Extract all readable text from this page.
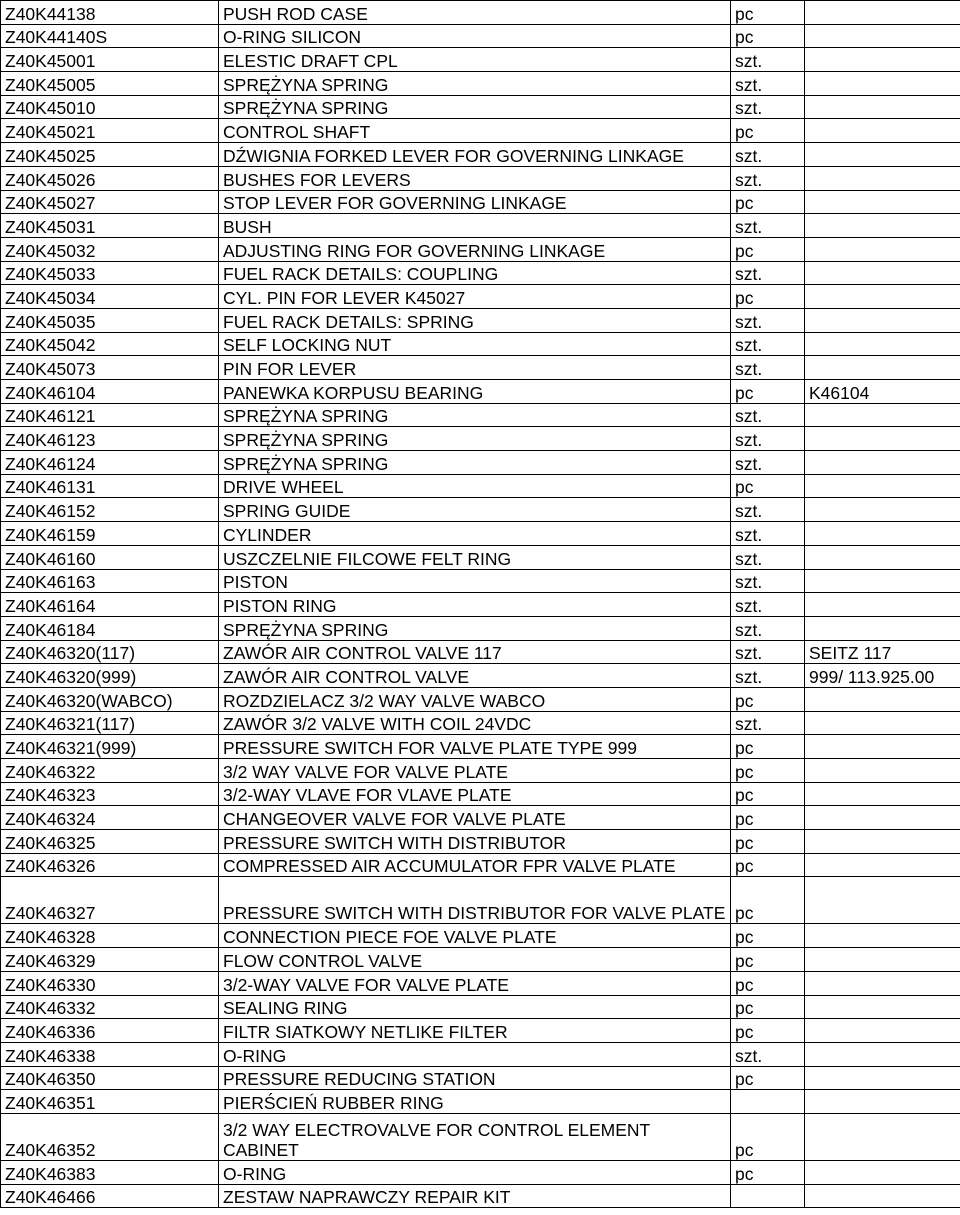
Z40K44138	PUSH ROD CASE	pc	
Z40K44140S	O-RING SILICON	pc	
Z40K45001	ELESTIC DRAFT CPL	szt.	
Z40K45005	SPRĘŻYNA SPRING	szt.	
Z40K45010	SPRĘŻYNA SPRING	szt.	
Z40K45021	CONTROL SHAFT	pc	
Z40K45025	DŹWIGNIA FORKED LEVER FOR GOVERNING LINKAGE	szt.	
Z40K45026	BUSHES FOR LEVERS	szt.	
Z40K45027	STOP LEVER FOR GOVERNING LINKAGE	pc	
Z40K45031	BUSH	szt.	
Z40K45032	ADJUSTING RING FOR GOVERNING LINKAGE	pc	
Z40K45033	FUEL RACK DETAILS: COUPLING	szt.	
Z40K45034	CYL. PIN FOR LEVER K45027	pc	
Z40K45035	FUEL RACK DETAILS: SPRING	szt.	
Z40K45042	SELF LOCKING NUT	szt.	
Z40K45073	PIN FOR LEVER	szt.	
Z40K46104	PANEWKA KORPUSU BEARING	pc	K46104
Z40K46121	SPRĘŻYNA SPRING	szt.	
Z40K46123	SPRĘŻYNA SPRING	szt.	
Z40K46124	SPRĘŻYNA SPRING	szt.	
Z40K46131	DRIVE WHEEL	pc	
Z40K46152	SPRING GUIDE	szt.	
Z40K46159	CYLINDER	szt.	
Z40K46160	USZCZELNIE FILCOWE FELT RING	szt.	
Z40K46163	PISTON	szt.	
Z40K46164	PISTON RING	szt.	
Z40K46184	SPRĘŻYNA SPRING	szt.	
Z40K46320(117)	ZAWÓR AIR CONTROL VALVE 117	szt.	SEITZ 117
Z40K46320(999)	ZAWÓR AIR CONTROL VALVE	szt.	999/ 113.925.00
Z40K46320(WABCO)	ROZDZIELACZ 3/2 WAY VALVE WABCO	pc	
Z40K46321(117)	ZAWÓR 3/2 VALVE WITH COIL 24VDC	szt.	
Z40K46321(999)	PRESSURE SWITCH FOR VALVE PLATE TYPE 999	pc	
Z40K46322	3/2 WAY VALVE FOR VALVE PLATE	pc	
Z40K46323	3/2-WAY VLAVE FOR VLAVE PLATE	pc	
Z40K46324	CHANGEOVER VALVE FOR VALVE PLATE	pc	
Z40K46325	PRESSURE SWITCH WITH DISTRIBUTOR	pc	
Z40K46326	COMPRESSED AIR ACCUMULATOR FPR VALVE PLATE	pc	
Z40K46327	PRESSURE SWITCH WITH DISTRIBUTOR FOR VALVE PLATE	pc	
Z40K46328	CONNECTION PIECE FOE VALVE PLATE	pc	
Z40K46329	FLOW CONTROL VALVE	pc	
Z40K46330	3/2-WAY VALVE FOR VALVE PLATE	pc	
Z40K46332	SEALING RING	pc	
Z40K46336	FILTR SIATKOWY NETLIKE FILTER	pc	
Z40K46338	O-RING	szt.	
Z40K46350	PRESSURE REDUCING STATION	pc	
Z40K46351	PIERŚCIEŃ RUBBER RING		
Z40K46352	3/2 WAY ELECTROVALVE FOR CONTROL ELEMENT CABINET	pc	
Z40K46383	O-RING	pc	
Z40K46466	ZESTAW NAPRAWCZY REPAIR KIT		
